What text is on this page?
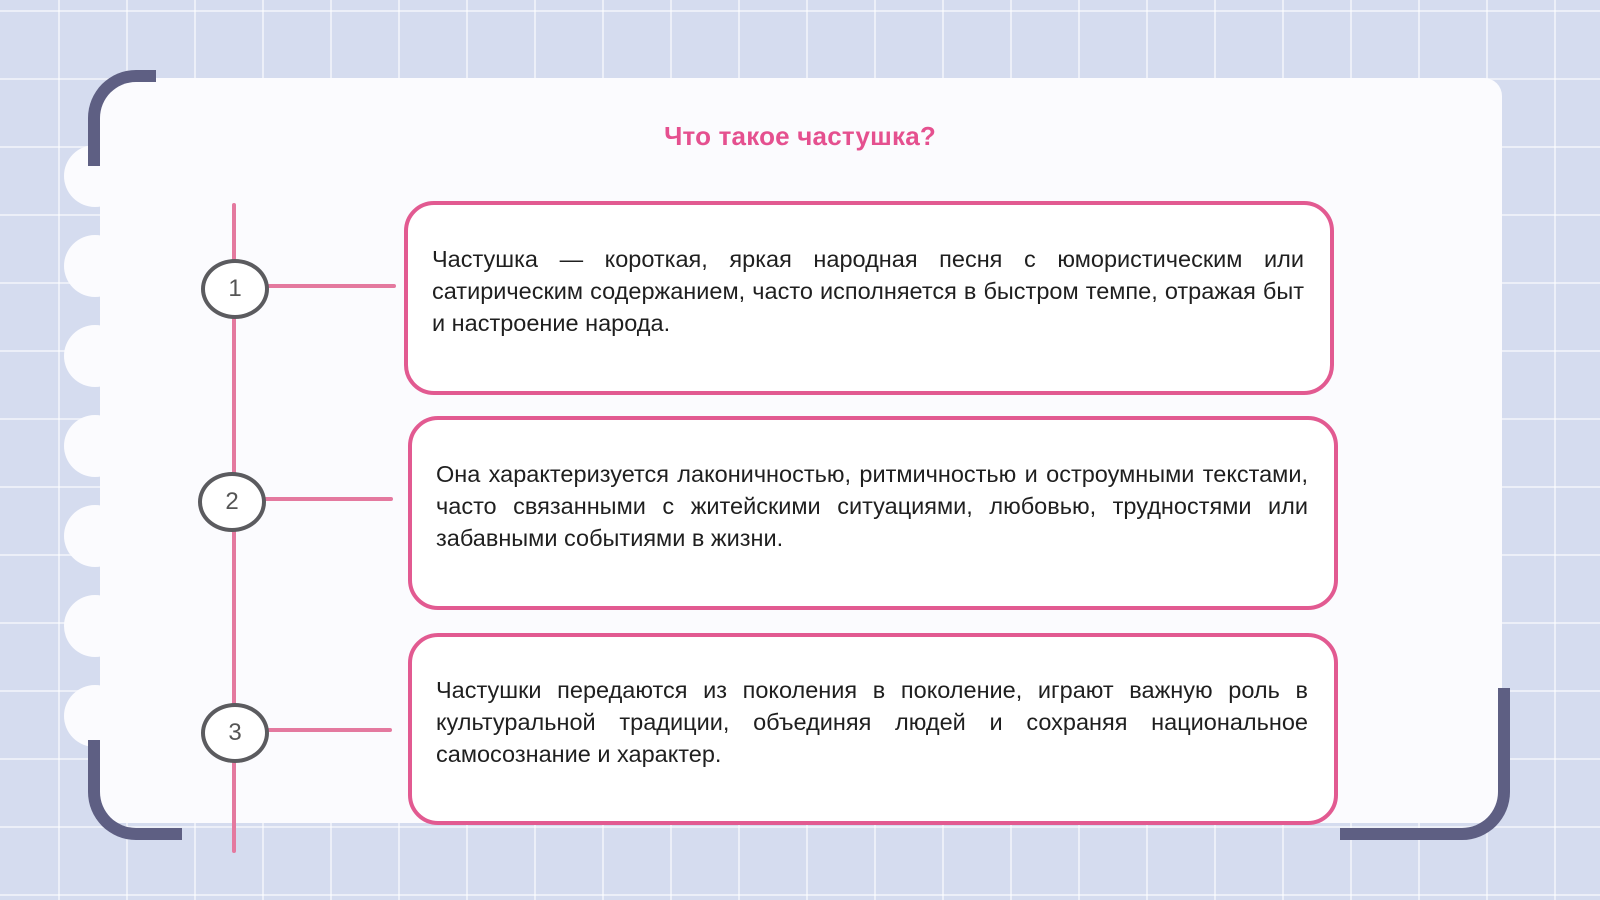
Что такое частушка?
1
2
3
Частушка — короткая, яркая народная песня с юмористическим или сатирическим содержанием, часто исполняется в быстром темпе, отражая быт и настроение народа.
Она характеризуется лаконичностью, ритмичностью и остроумными текстами, часто связанными с житейскими ситуациями, любовью, трудностями или забавными событиями в жизни.
Частушки передаются из поколения в поколение, играют важную роль в культуральной традиции, объединяя людей и сохраняя национальное самосознание и характер.
